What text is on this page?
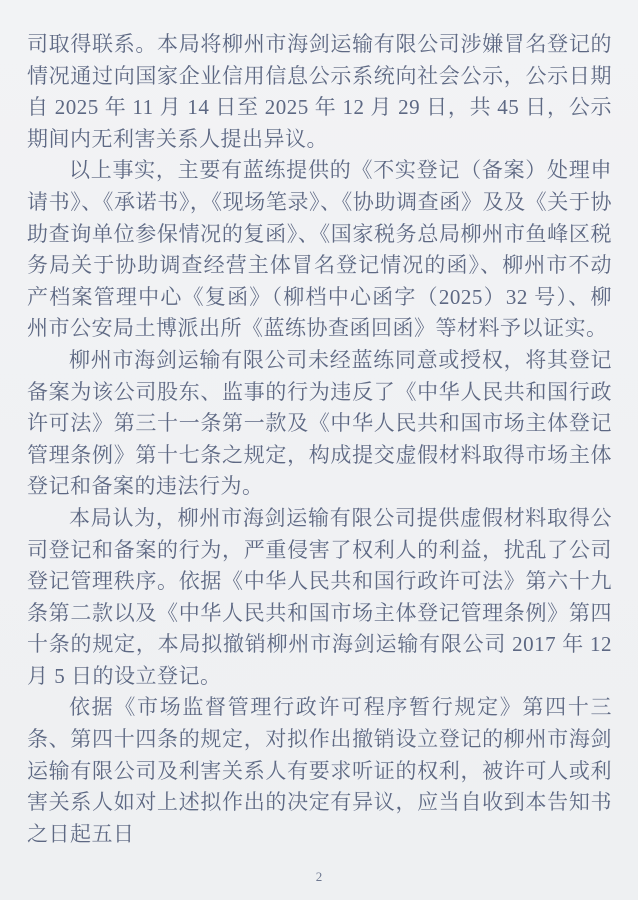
司取得联系。本局将柳州市海剑运输有限公司涉嫌冒名登记的情况通过向国家企业信用信息公示系统向社会公示，公示日期自 2025 年 11 月 14 日至 2025 年 12 月 29 日，共 45 日，公示期间内无利害关系人提出异议。

以上事实，主要有蓝练提供的《不实登记（备案）处理申请书》、《承诺书》，《现场笔录》、《协助调查函》及及《关于协助查询单位参保情况的复函》、《国家税务总局柳州市鱼峰区税务局关于协助调查经营主体冒名登记情况的函》、柳州市不动产档案管理中心《复函》（柳档中心函字（2025）32 号）、柳州市公安局土博派出所《蓝练协查函回函》等材料予以证实。

柳州市海剑运输有限公司未经蓝练同意或授权，将其登记备案为该公司股东、监事的行为违反了《中华人民共和国行政许可法》第三十一条第一款及《中华人民共和国市场主体登记管理条例》第十七条之规定，构成提交虚假材料取得市场主体登记和备案的违法行为。

本局认为，柳州市海剑运输有限公司提供虚假材料取得公司登记和备案的行为，严重侵害了权利人的利益，扰乱了公司登记管理秩序。依据《中华人民共和国行政许可法》第六十九条第二款以及《中华人民共和国市场主体登记管理条例》第四十条的规定，本局拟撤销柳州市海剑运输有限公司 2017 年 12 月 5 日的设立登记。

依据《市场监督管理行政许可程序暂行规定》第四十三条、第四十四条的规定，对拟作出撤销设立登记的柳州市海剑运输有限公司及利害关系人有要求听证的权利，被许可人或利害关系人如对上述拟作出的决定有异议，应当自收到本告知书之日起五日

2
